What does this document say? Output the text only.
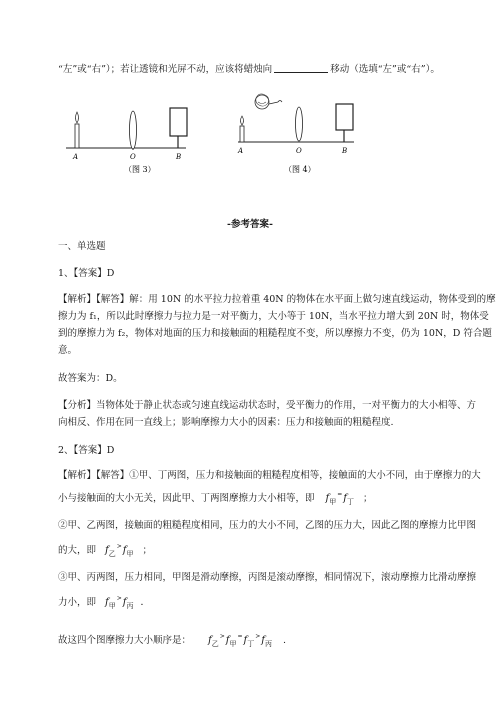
“左”或“右”）；若让透镜和光屏不动，应该将蜡烛向	移动（选填“左”或“右”）。
A	O	B
（图 3）
A	O	B
（图 4）
-参考答案-
一、单选题
1、【答案】D
【解析】【解答】解：用 10N 的水平拉力拉着重 40N 的物体在水平面上做匀速直线运动，物体受到的摩
擦力为 f₁，所以此时摩擦力与拉力是一对平衡力，大小等于 10N，当水平拉力增大到 20N 时，物体受
到的摩擦力为 f₂，物体对地面的压力和接触面的粗糙程度不变，所以摩擦力不变，仍为 10N，D 符合题
意。
故答案为：D。
【分析】当物体处于静止状态或匀速直线运动状态时，受平衡力的作用，一对平衡力的大小相等、方
向相反、作用在同一直线上；影响摩擦力大小的因素：压力和接触面的粗糙程度.
2、【答案】D
【解析】【解答】①甲、丁两图，压力和接触面的粗糙程度相等，接触面的大小不同，由于摩擦力的大
小与接触面的大小无关，因此甲、丁两图摩擦力大小相等，即 $f_甲^=f_丁$ ；
②甲、乙两图，接触面的粗糙程度相同，压力的大小不同，乙图的压力大，因此乙图的摩擦力比甲图
的大，即 $f_乙^>f_甲$ ；
③甲、丙两图，压力相同，甲图是滑动摩擦，丙图是滚动摩擦，相同情况下，滚动摩擦力比滑动摩擦
力小，即 $f_甲^>f_丙$ ．
故这四个图摩擦力大小顺序是： $f_乙^>f_甲^=f_丁^>f_丙$ .
